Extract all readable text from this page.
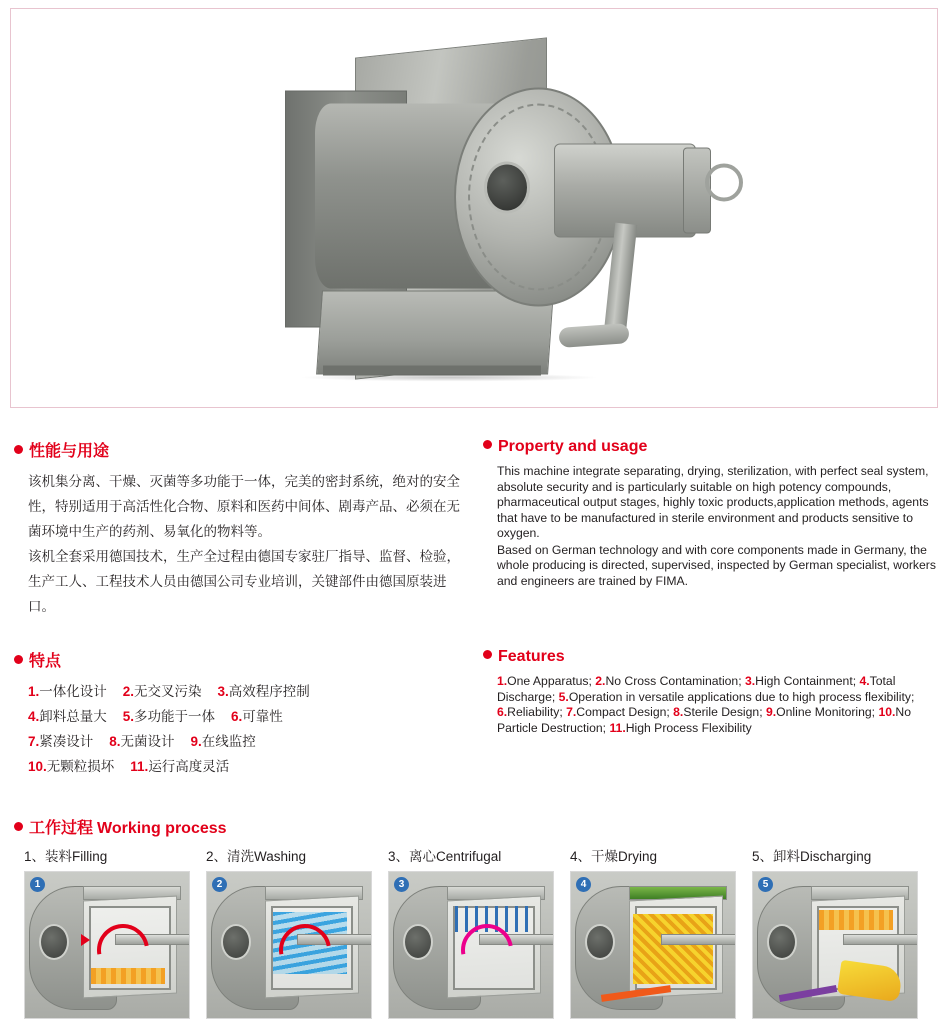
性能与用途
该机集分离、干燥、灭菌等多功能于一体，完美的密封系统，绝对的安全性，特别适用于高活性化合物、原料和医药中间体、剧毒产品、必须在无菌环境中生产的药剂、易氧化的物料等。
该机全套采用德国技术，生产全过程由德国专家驻厂指导、监督、检验，生产工人、工程技术人员由德国公司专业培训，关键部件由德国原装进口。
Property and usage

This machine integrate separating, drying, sterilization, with perfect seal system, absolute security and is particularly suitable on high potency compounds, pharmaceutical output stages, highly toxic products,application methods, agents that have to be manufactured in sterile environment and products sensitive to oxygen.

Based on German technology and with core components made in Germany, the whole producing is directed, supervised, inspected by German specialist, workers and engineers are trained by FIMA.

特点
1.一体化设计 2.无交叉污染 3.高效程序控制
4.卸料总量大 5.多功能于一体 6.可靠性
7.紧凑设计 8.无菌设计 9.在线监控
10.无颗粒损坏 11.运行高度灵活
Features
1.One Apparatus; 2.No Cross Contamination; 3.High Containment; 4.Total Discharge; 5.Operation in versatile applications due to high process flexibility; 6.Reliability; 7.Compact Design; 8.Sterile Design; 9.Online Monitoring; 10.No Particle Destruction; 11.High Process Flexibility
工作过程 Working process
1、装料Filling
1
2、清洗Washing
2
3、离心Centrifugal
3
4、干燥Drying
4
5、卸料Discharging
5
